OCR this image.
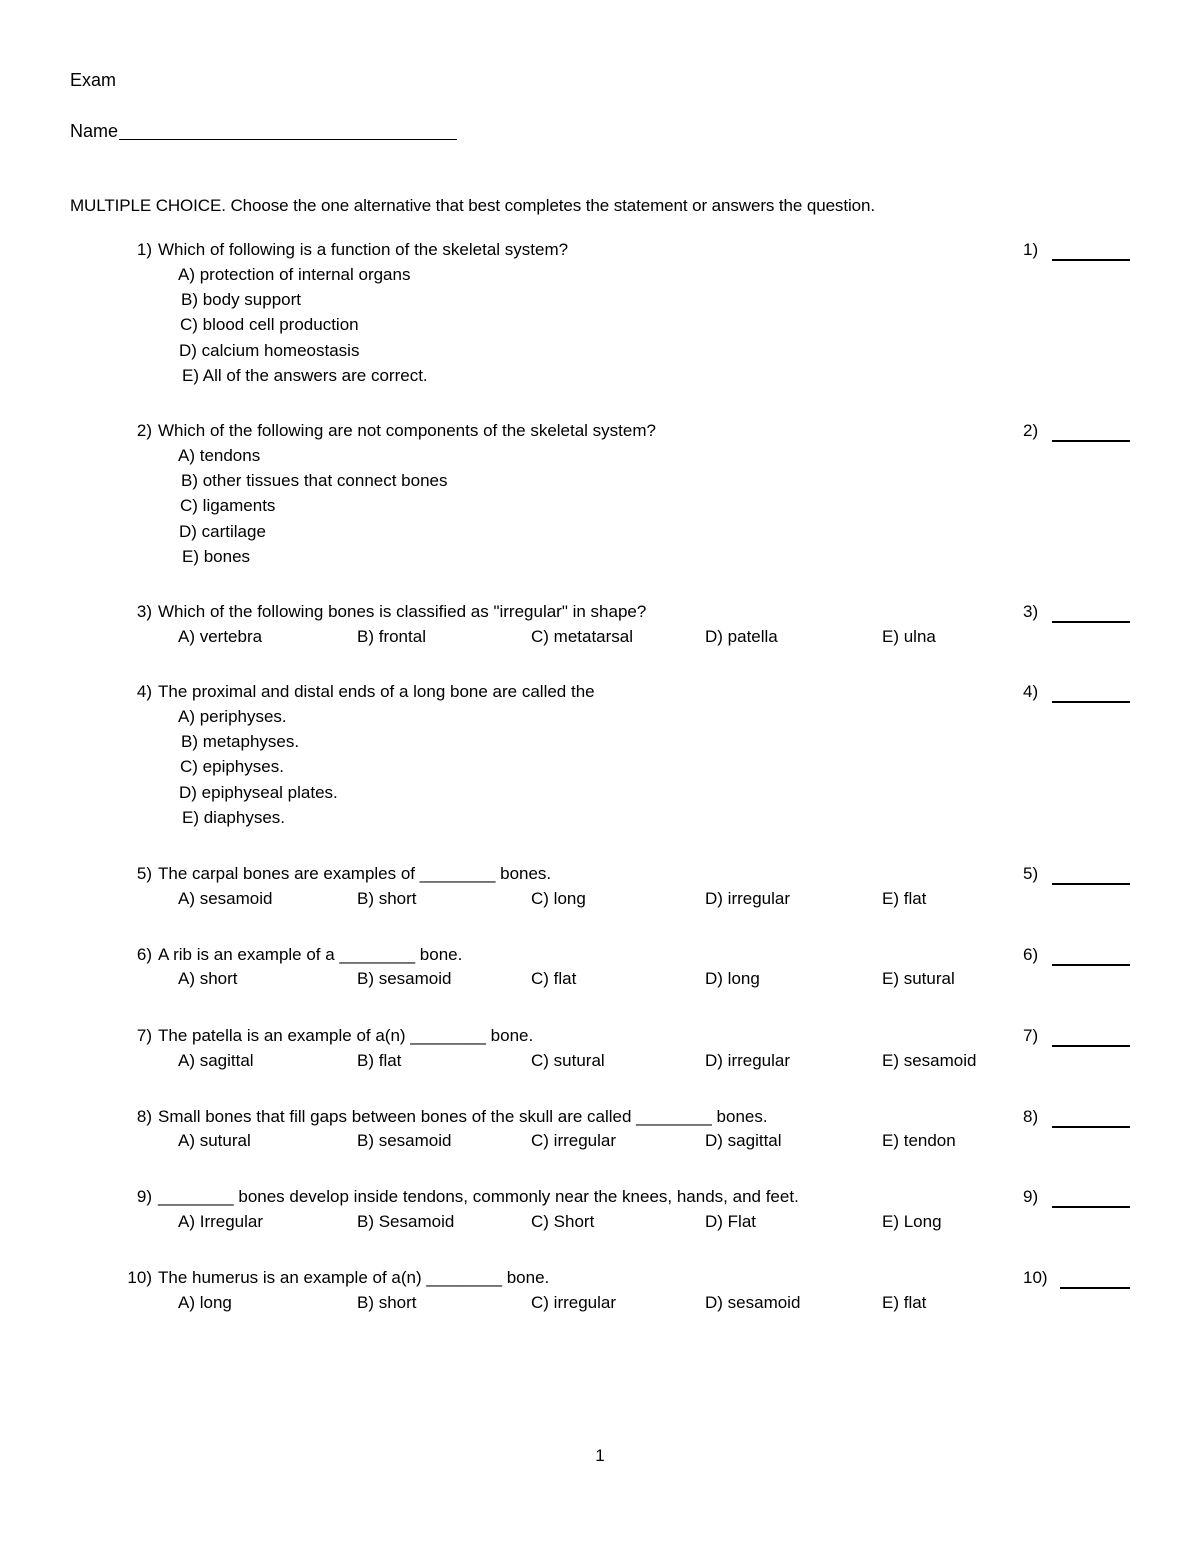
Exam
Name
MULTIPLE CHOICE. Choose the one alternative that best completes the statement or answers the question.
1) Which of following is a function of the skeletal system?	1)
A) protection of internal organs
B) body support
C) blood cell production
D) calcium homeostasis
E) All of the answers are correct.
2) Which of the following are not components of the skeletal system?	2)
A) tendons
B) other tissues that connect bones
C) ligaments
D) cartilage
E) bones
3) Which of the following bones is classified as "irregular" in shape?	3)
A) vertebra	B) frontal	C) metatarsal	D) patella	E) ulna
4) The proximal and distal ends of a long bone are called the	4)
A) periphyses.
B) metaphyses.
C) epiphyses.
D) epiphyseal plates.
E) diaphyses.
5) The carpal bones are examples of ________ bones.	5)
A) sesamoid	B) short	C) long	D) irregular	E) flat
6) A rib is an example of a ________ bone.	6)
A) short	B) sesamoid	C) flat	D) long	E) sutural
7) The patella is an example of a(n) ________ bone.	7)
A) sagittal	B) flat	C) sutural	D) irregular	E) sesamoid
8) Small bones that fill gaps between bones of the skull are called ________ bones.	8)
A) sutural	B) sesamoid	C) irregular	D) sagittal	E) tendon
9) ________ bones develop inside tendons, commonly near the knees, hands, and feet.	9)
A) Irregular	B) Sesamoid	C) Short	D) Flat	E) Long
10) The humerus is an example of a(n) ________ bone.	10)
A) long	B) short	C) irregular	D) sesamoid	E) flat
1
